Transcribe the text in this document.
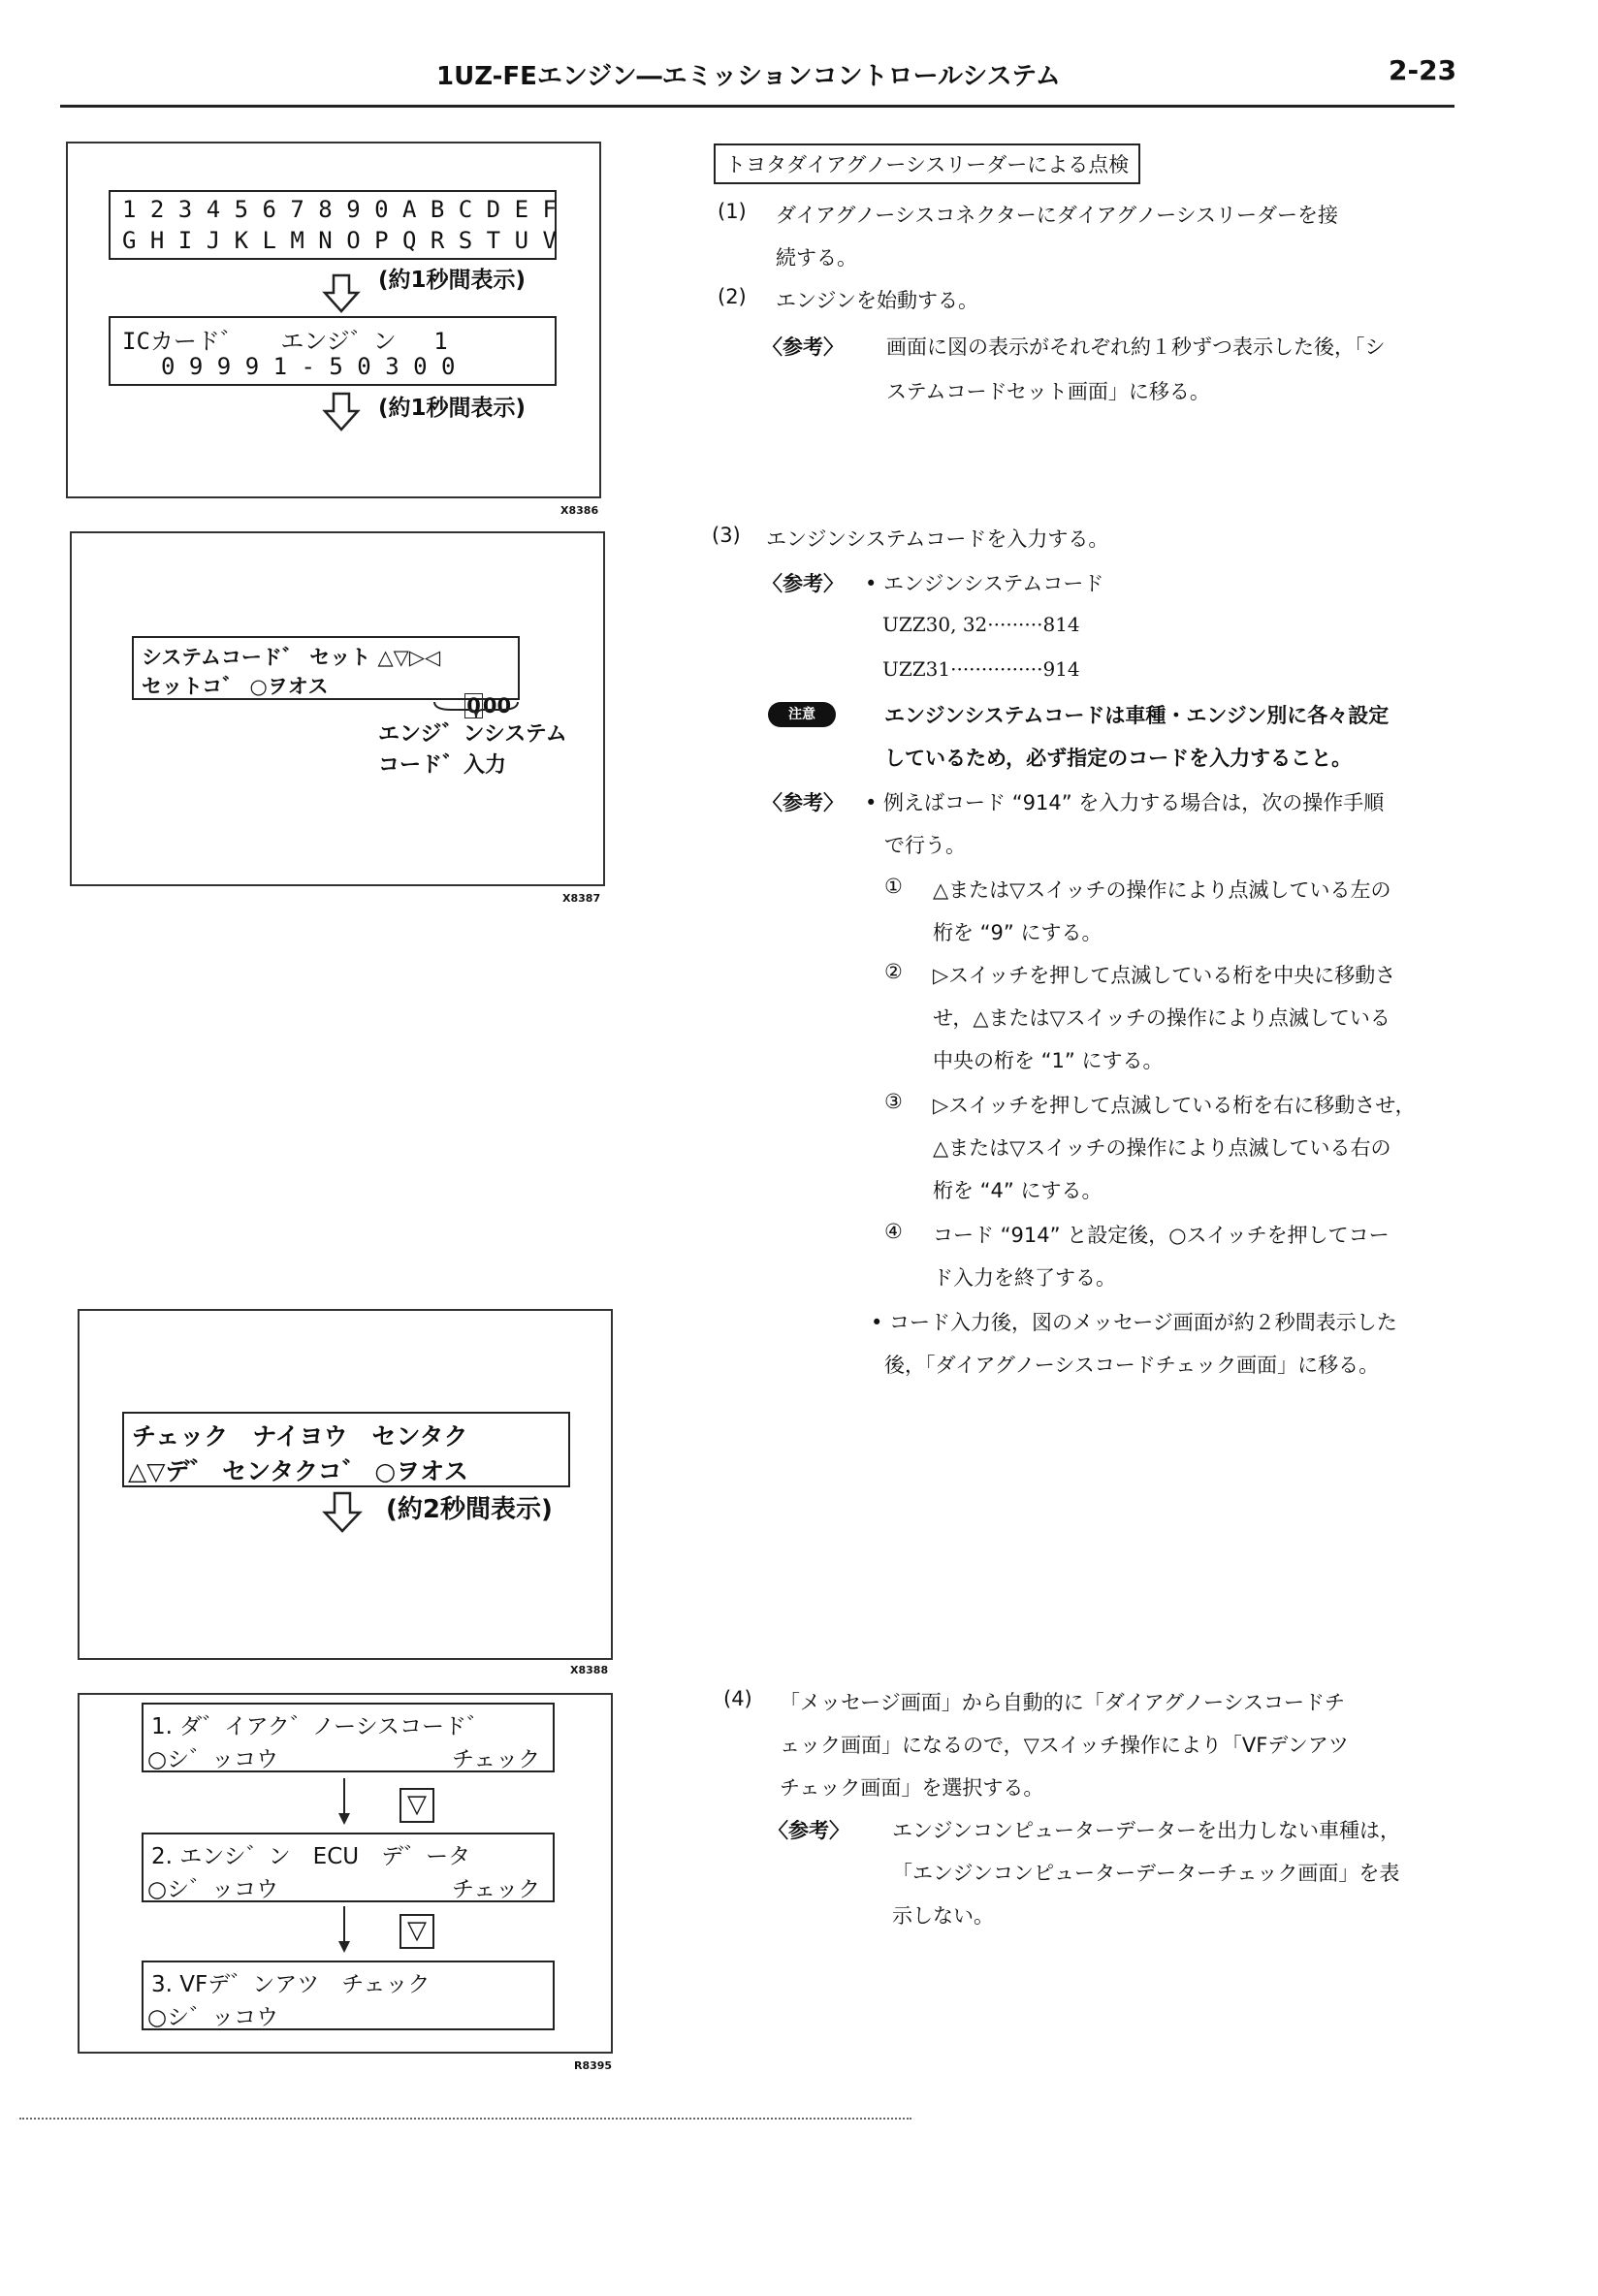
1UZ-FEエンジン―エミッションコントロールシステム	2-23

1 2 3 4 5 6 7 8 9 0 A B C D E F

G H I J K L M N O P Q R S T U V

(約1秒間表示)

ICカード゛　 エンジ゛ン　 1

0 9 9 9 1 - 5 0 3 0 0

(約1秒間表示)
X8386

システムコード゛ セット △▽▷◁

セットコ゛ ○ヲオス

000

エンジ゛ンシステム
コード゛入力
X8387

チェック　ナイヨウ　センタク

△▽デ゛ センタクコ゛ ○ヲオス

(約2秒間表示)
X8388

1. ダ゛イアク゛ノーシスコード゛

○シ゛ッコウ

	チェック

▽

2. エンシ゛ン　ECU　デ゛ータ

○シ゛ッコウ

	チェック

▽

3. VFデ゛ンアツ　チェック

○シ゛ッコウ

R8395
トヨタダイアグノーシスリーダーによる点検
(1) ダイアグノーシスコネクターにダイアグノーシスリーダーを接
続する。
(2) エンジンを始動する。
〈参考〉 画面に図の表示がそれぞれ約１秒ずつ表示した後，「シ
ステムコードセット画面」に移る。
(3) エンジンシステムコードを入力する。
〈参考〉 • エンジンシステムコード
UZZ30, 32·········814
UZZ31···············914
注意	エンジンシステムコードは車種・エンジン別に各々設定
しているため，必ず指定のコードを入力すること。
〈参考〉 • 例えばコード “914” を入力する場合は，次の操作手順
で行う。
① △または▽スイッチの操作により点滅している左の
桁を “9” にする。
② ▷スイッチを押して点滅している桁を中央に移動さ
せ，△または▽スイッチの操作により点滅している
中央の桁を “1” にする。
③ ▷スイッチを押して点滅している桁を右に移動させ，
△または▽スイッチの操作により点滅している右の
桁を “4” にする。
④ コード “914” と設定後，○スイッチを押してコー
ド入力を終了する。
• コード入力後，図のメッセージ画面が約２秒間表示した
後，「ダイアグノーシスコードチェック画面」に移る。
(4) 「メッセージ画面」から自動的に「ダイアグノーシスコードチ
ェック画面」になるので，▽スイッチ操作により「VFデンアツ
チェック画面」を選択する。
〈参考〉 エンジンコンピューターデーターを出力しない車種は，
「エンジンコンピューターデーターチェック画面」を表
示しない。
